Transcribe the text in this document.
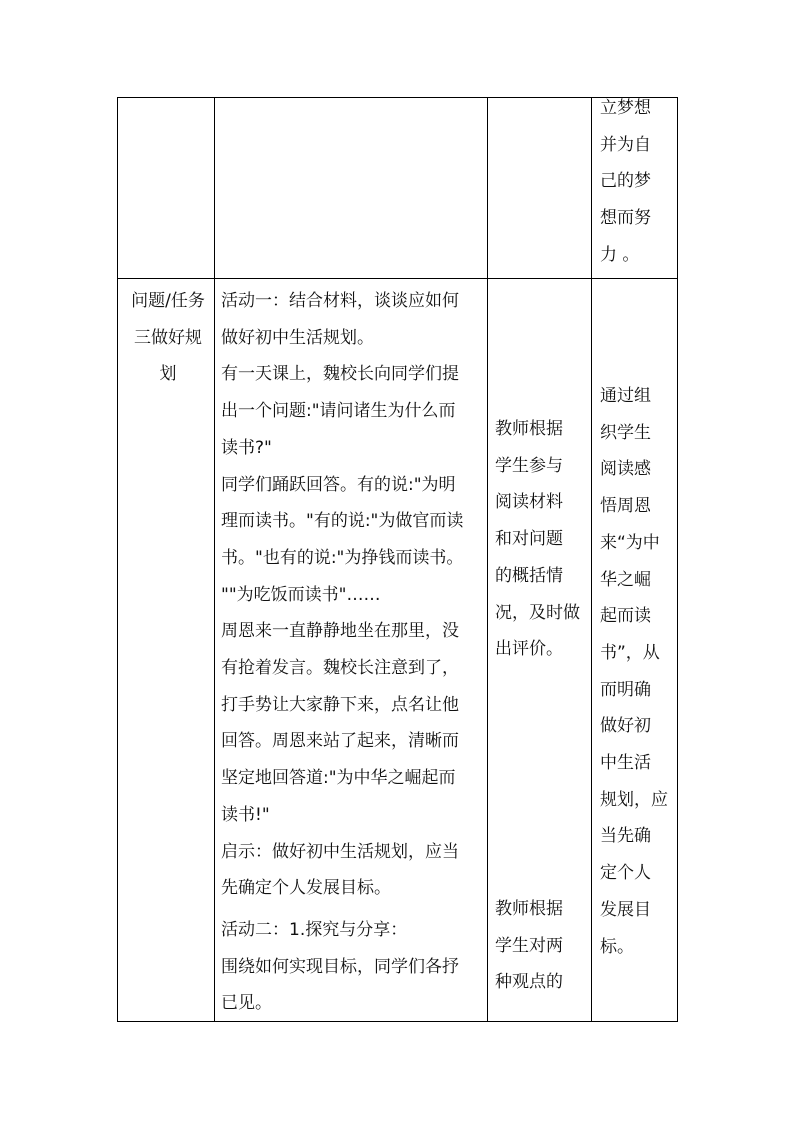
立梦想

并为自

己的梦

想而努

力 。

问题/任务

三做好规

划

活动一：结合材料，谈谈应如何

做好初中生活规划。

有一天课上，魏校长向同学们提

出一个问题:"请问诸生为什么而

读书?"

同学们踊跃回答。有的说:"为明

理而读书。"有的说:"为做官而读

书。"也有的说:"为挣钱而读书。

""为吃饭而读书"……

周恩来一直静静地坐在那里，没

有抢着发言。魏校长注意到了，

打手势让大家静下来，点名让他

回答。周恩来站了起来，清晰而

坚定地回答道:"为中华之崛起而

读书!"

启示：做好初中生活规划，应当

先确定个人发展目标。

活动二：1.探究与分享：

围绕如何实现目标，同学们各抒

已见。

教师根据

学生参与

阅读材料

和对问题

的概括情

况，及时做

出评价。

教师根据

学生对两

种观点的

通过组

织学生

阅读感

悟周恩

来“为中

华之崛

起而读

书”，从

而明确

做好初

中生活

规划，应

当先确

定个人

发展目

标。
